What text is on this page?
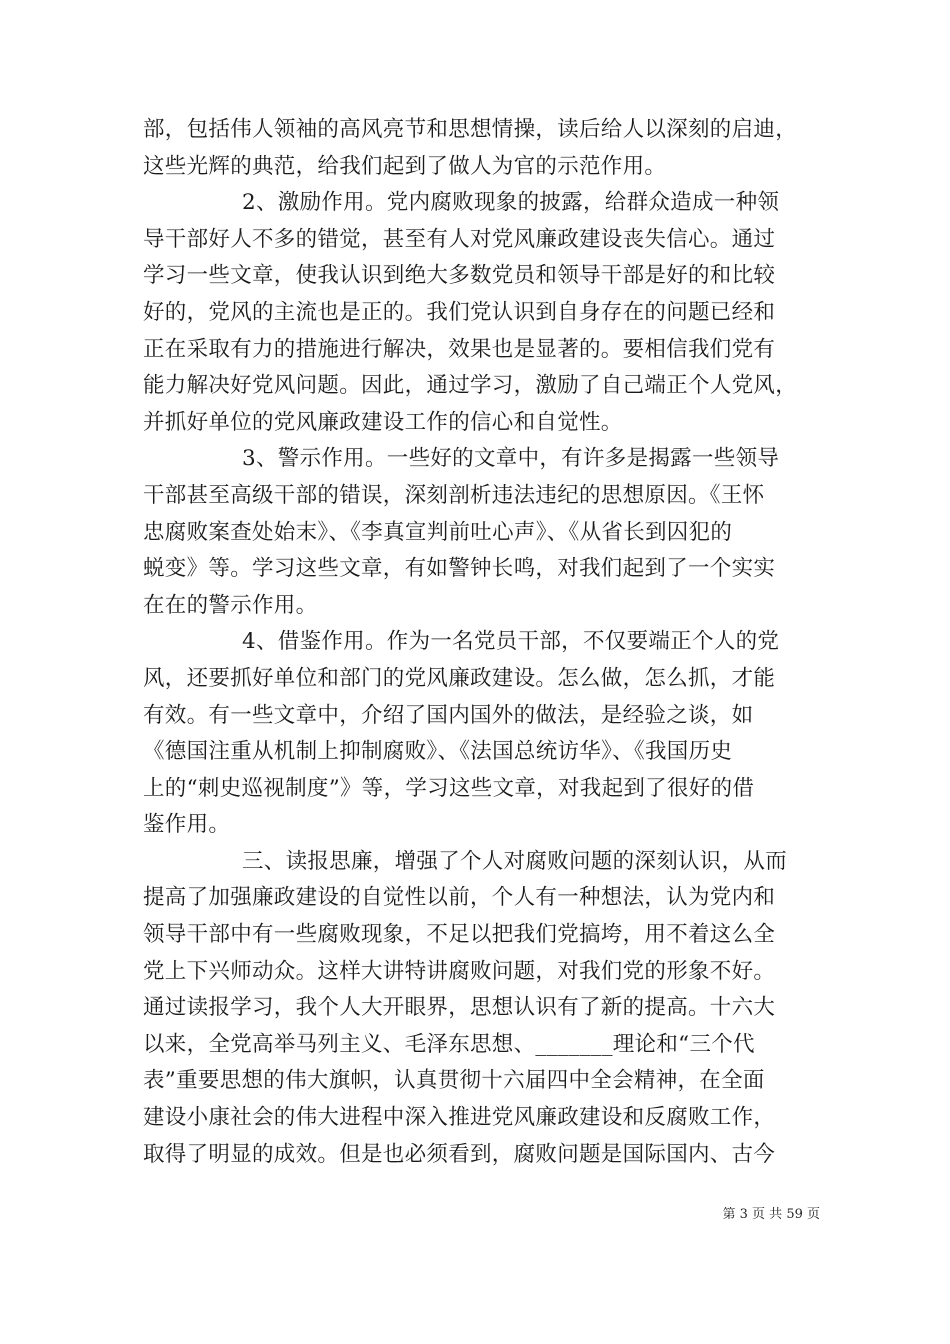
部，包括伟人领袖的高风亮节和思想情操，读后给人以深刻的启迪，
这些光辉的典范，给我们起到了做人为官的示范作用。
2、激励作用。党内腐败现象的披露，给群众造成一种领
导干部好人不多的错觉，甚至有人对党风廉政建设丧失信心。通过
学习一些文章，使我认识到绝大多数党员和领导干部是好的和比较
好的，党风的主流也是正的。我们党认识到自身存在的问题已经和
正在采取有力的措施进行解决，效果也是显著的。要相信我们党有
能力解决好党风问题。因此，通过学习，激励了自己端正个人党风，
并抓好单位的党风廉政建设工作的信心和自觉性。
3、警示作用。一些好的文章中，有许多是揭露一些领导
干部甚至高级干部的错误，深刻剖析违法违纪的思想原因。《王怀
忠腐败案查处始末》、《李真宣判前吐心声》、《从省长到囚犯的
蜕变》等。学习这些文章，有如警钟长鸣，对我们起到了一个实实
在在的警示作用。
4、借鉴作用。作为一名党员干部，不仅要端正个人的党
风，还要抓好单位和部门的党风廉政建设。怎么做，怎么抓，才能
有效。有一些文章中，介绍了国内国外的做法，是经验之谈，如
《德国注重从机制上抑制腐败》、《法国总统访华》、《我国历史
上的“刺史巡视制度”》等，学习这些文章，对我起到了很好的借
鉴作用。
三、读报思廉，增强了个人对腐败问题的深刻认识，从而
提高了加强廉政建设的自觉性以前，个人有一种想法，认为党内和
领导干部中有一些腐败现象，不足以把我们党搞垮，用不着这么全
党上下兴师动众。这样大讲特讲腐败问题，对我们党的形象不好。
通过读报学习，我个人大开眼界，思想认识有了新的提高。十六大
以来，全党高举马列主义、毛泽东思想、_______理论和“三个代
表”重要思想的伟大旗帜，认真贯彻十六届四中全会精神，在全面
建设小康社会的伟大进程中深入推进党风廉政建设和反腐败工作，
取得了明显的成效。但是也必须看到，腐败问题是国际国内、古今
第 3 页 共 59 页
